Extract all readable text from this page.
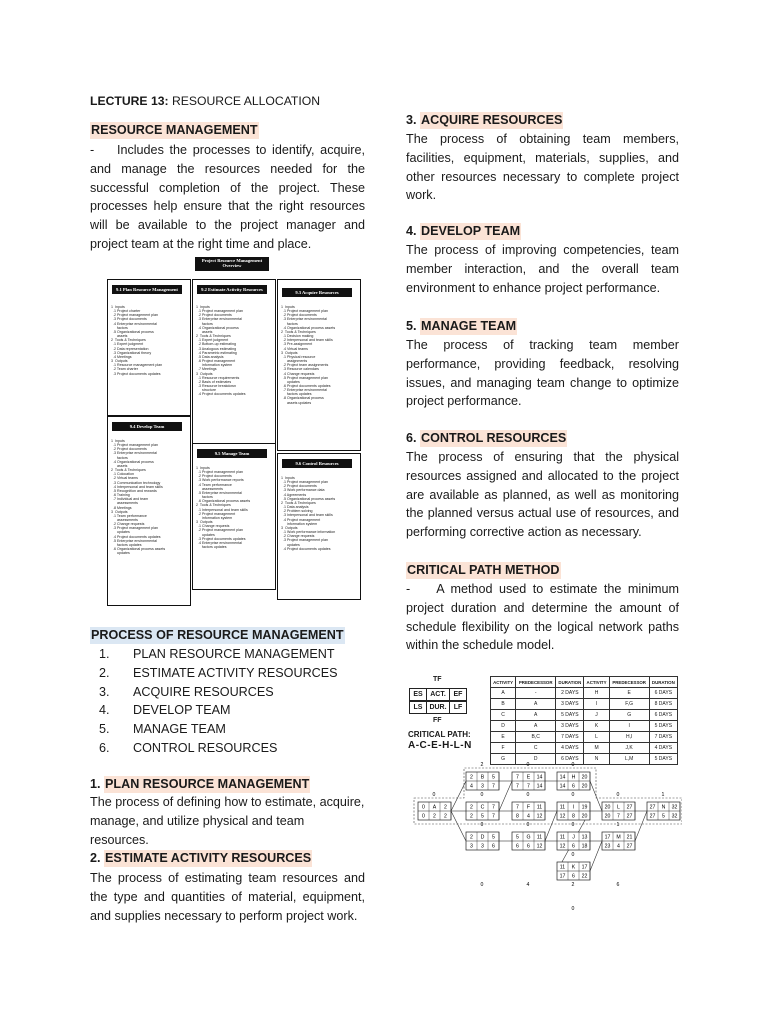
LECTURE 13: RESOURCE ALLOCATION
RESOURCE MANAGEMENT

-    Includes the processes to identify, acquire, and manage the resources needed for the successful completion of the project. These processes help ensure that the right resources will be available to the project manager and project team at the right time and place.

Project Resource Management Overview
9.1 Plan Resource Management
1  Inputs
.1 Project charter
.2 Project management plan
.3 Project documents
.4 Enterprise environmental
factors
.5 Organizational process
assets
2  Tools & Techniques
.1 Expert judgment
.2 Data representation
.3 Organizational theory
.4 Meetings
3  Outputs
.1 Resource management plan
.2 Team charter
.3 Project documents updates
9.2 Estimate Activity Resources
1  Inputs
.1 Project management plan
.2 Project documents
.3 Enterprise environmental
factors
.4 Organizational process
assets
2  Tools & Techniques
.1 Expert judgment
.2 Bottom-up estimating
.3 Analogous estimating
.4 Parametric estimating
.5 Data analysis
.6 Project management
information system
.7 Meetings
3  Outputs
.1 Resource requirements
.2 Basis of estimates
.3 Resource breakdown
structure
.4 Project documents updates
9.3 Acquire Resources
1  Inputs
.1 Project management plan
.2 Project documents
.3 Enterprise environmental
factors
.4 Organizational process assets
2  Tools & Techniques
.1 Decision making
.2 Interpersonal and team skills
.3 Pre-assignment
.4 Virtual teams
3  Outputs
.1 Physical resource
assignments
.2 Project team assignments
.3 Resource calendars
.4 Change requests
.5 Project management plan
updates
.6 Project documents updates
.7 Enterprise environmental
factors updates
.8 Organizational process
assets updates
9.4 Develop Team
1  Inputs
.1 Project management plan
.2 Project documents
.3 Enterprise environmental
factors
.4 Organizational process
assets
2  Tools & Techniques
.1 Colocation
.2 Virtual teams
.3 Communication technology
.4 Interpersonal and team skills
.5 Recognition and rewards
.6 Training
.7 Individual and team
assessments
.8 Meetings
3  Outputs
.1 Team performance
assessments
.2 Change requests
.3 Project management plan
updates
.4 Project documents updates
.5 Enterprise environmental
factors updates
.6 Organizational process assets
updates
9.5 Manage Team
1  Inputs
.1 Project management plan
.2 Project documents
.3 Work performance reports
.4 Team performance
assessments
.5 Enterprise environmental
factors
.6 Organizational process assets
2  Tools & Techniques
.1 Interpersonal and team skills
.2 Project management
information system
3  Outputs
.1 Change requests
.2 Project management plan
updates
.3 Project documents updates
.4 Enterprise environmental
factors updates
9.6 Control Resources
1  Inputs
.1 Project management plan
.2 Project documents
.3 Work performance data
.4 Agreements
.5 Organizational process assets
2  Tools & Techniques
.1 Data analysis
.2 Problem solving
.3 Interpersonal and team skills
.4 Project management
information system
3  Outputs
.1 Work performance information
.2 Change requests
.3 Project management plan
updates
.4 Project documents updates
PROCESS OF RESOURCE MANAGEMENT
1. PLAN RESOURCE MANAGEMENT
2. ESTIMATE ACTIVITY RESOURCES
3. ACQUIRE RESOURCES
4. DEVELOP TEAM
5. MANAGE TEAM
6. CONTROL RESOURCES
1. PLAN RESOURCE MANAGEMENT

The process of defining how to estimate, acquire, manage, and utilize physical and team resources.

2. ESTIMATE ACTIVITY RESOURCES

The process of estimating team resources and the type and quantities of material, equipment, and supplies necessary to perform project work.

3. ACQUIRE RESOURCES

The process of obtaining team members, facilities, equipment, materials, supplies, and other resources necessary to complete project work.

4. DEVELOP TEAM

The process of improving competencies, team member interaction, and the overall team environment to enhance project performance.

5. MANAGE TEAM

The process of tracking team member performance, providing feedback, resolving issues, and managing team change to optimize project performance.

6. CONTROL RESOURCES

The process of ensuring that the physical resources assigned and allocated to the project are available as planned, as well as monitoring the planned versus actual use of resources, and performing corrective action as necessary.

CRITICAL PATH METHOD

-    A method used to estimate the minimum project duration and determine the amount of schedule flexibility on the logical network paths within the schedule model.

TF
ES	ACT.	EF
LS DUR.	LF
FF
CRITICAL PATH:
A-C-E-H-L-N
ACTIVITY	PREDECESSOR	DURATION	ACTIVITY	PREDECESSOR	DURATION
A	-	2 DAYS	H	E	6 DAYS
B	A	3 DAYS	I	F,G	8 DAYS
C	A	5 DAYS	J	G	6 DAYS
D	A	3 DAYS	K	I	5 DAYS
E	B,C	7 DAYS	L	H,I	7 DAYS
F	C	4 DAYS	M	J,K	4 DAYS
G	D	6 DAYS	N	L,M	5 DAYS
2
4
B
3
5
7
7
7
E
7
14
14
14
14
H
6
20
20
0
0
A
2
2
2
2
2
C
5
7
7
7
8
F
4
11
12
11
12
I
8
19
20
20
20
L
7
27
27
27
27
N
5
32
32
2
3
D
3
5
6
5
6
G
6
11
12
11
12
J
6
13
18
17
23
M
4
21
27
11
17
K
6
17
22
2	0	0
0	0	0	0	0	1
0	0	0	1
0
0	4	2	6
0
